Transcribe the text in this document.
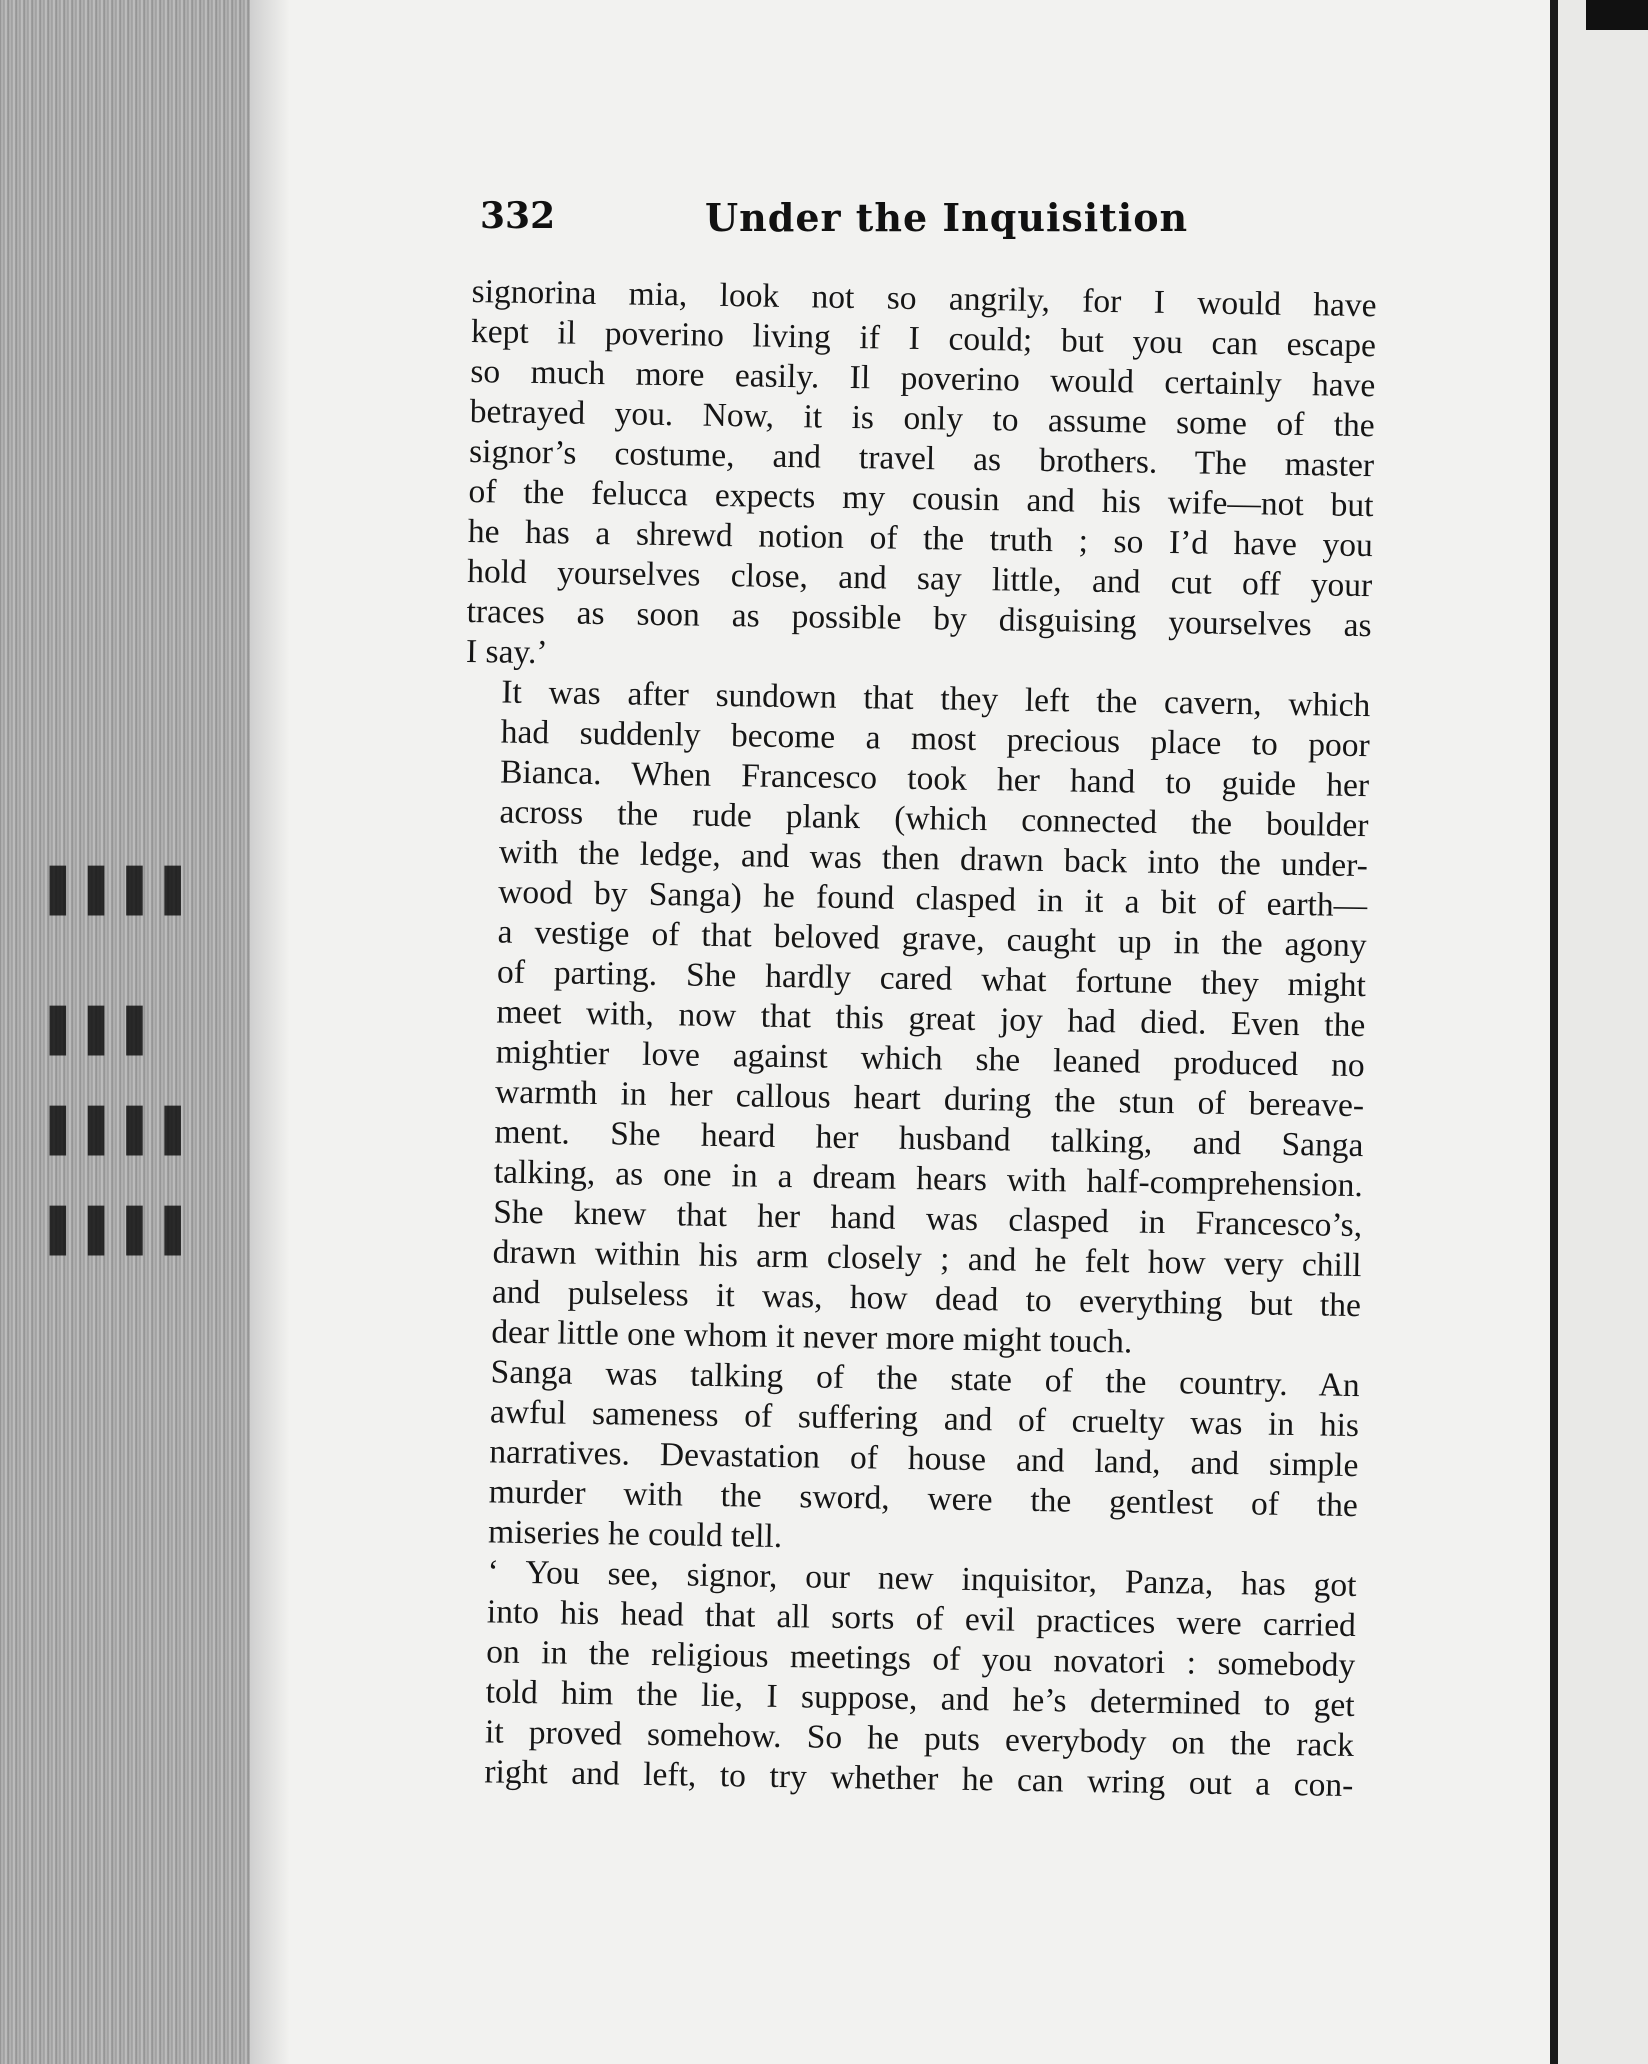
▌▌▌▌
▌▌▌
▌▌▌▌
▌▌▌▌
332	Under the Inquisition

signorina mia, look not so angrily, for I would have
kept il poverino living if I could; but you can escape
so much more easily. Il poverino would certainly have
betrayed you. Now, it is only to assume some of the
signor’s costume, and travel as brothers. The master
of the felucca expects my cousin and his wife—not but
he has a shrewd notion of the truth ; so I’d have you
hold yourselves close, and say little, and cut off your
traces as soon as possible by disguising yourselves as
I say.’

It was after sundown that they left the cavern, which
had suddenly become a most precious place to poor
Bianca. When Francesco took her hand to guide her
across the rude plank (which connected the boulder
with the ledge, and was then drawn back into the under-
wood by Sanga) he found clasped in it a bit of earth—
a vestige of that beloved grave, caught up in the agony
of parting. She hardly cared what fortune they might
meet with, now that this great joy had died. Even the
mightier love against which she leaned produced no
warmth in her callous heart during the stun of bereave-
ment. She heard her husband talking, and Sanga
talking, as one in a dream hears with half-comprehension.
She knew that her hand was clasped in Francesco’s,
drawn within his arm closely ; and he felt how very chill
and pulseless it was, how dead to everything but the
dear little one whom it never more might touch.

Sanga was talking of the state of the country. An
awful sameness of suffering and of cruelty was in his
narratives. Devastation of house and land, and simple
murder with the sword, were the gentlest of the
miseries he could tell.

‘ You see, signor, our new inquisitor, Panza, has got
into his head that all sorts of evil practices were carried
on in the religious meetings of you novatori : somebody
told him the lie, I suppose, and he’s determined to get
it proved somehow. So he puts everybody on the rack
right and left, to try whether he can wring out a con-
